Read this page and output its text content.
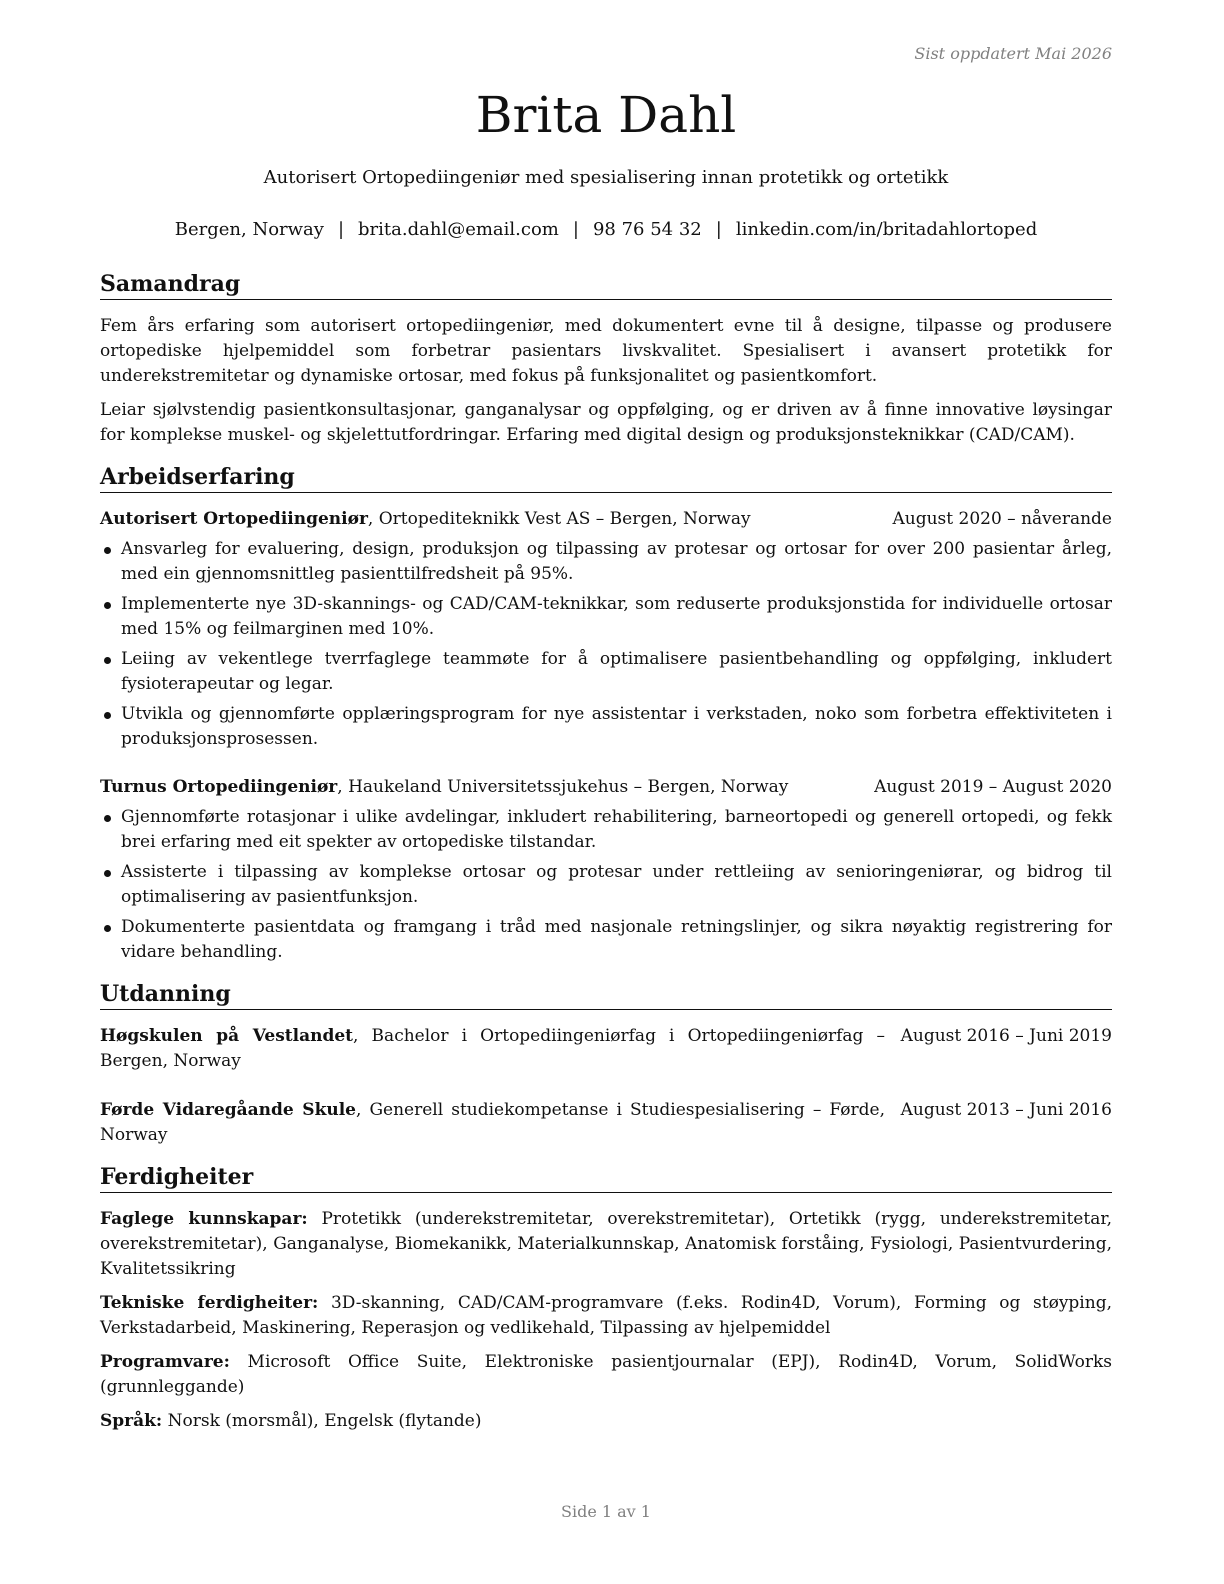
Sist oppdatert Mai 2026
Brita Dahl
Autorisert Ortopediingeniør med spesialisering innan protetikk og ortetikk
Bergen, Norway | brita.dahl@email.com | 98 76 54 32 | linkedin.com/in/britadahlortoped
Samandrag

Fem års erfaring som autorisert ortopediingeniør, med dokumentert evne til å designe, tilpasse og produsere ortopediske hjelpemiddel som forbetrar pasientars livskvalitet. Spesialisert i avansert protetikk for underekstremitetar og dynamiske ortosar, med fokus på funksjonalitet og pasientkomfort.

Leiar sjølvstendig pasientkonsultasjonar, ganganalysar og oppfølging, og er driven av å finne innovative løysingar for komplekse muskel- og skjelettutfordringar. Erfaring med digital design og produksjonsteknikkar (CAD/CAM).

Arbeidserfaring
Autorisert Ortopediingeniør, Ortopediteknikk Vest AS – Bergen, Norway	August 2020 – nåverande
Ansvarleg for evaluering, design, produksjon og tilpassing av protesar og ortosar for over 200 pasientar årleg, med ein gjennomsnittleg pasienttilfredsheit på 95%.
Implementerte nye 3D-skannings- og CAD/CAM-teknikkar, som reduserte produksjonstida for individuelle ortosar med 15% og feilmarginen med 10%.
Leiing av vekentlege tverrfaglege teammøte for å optimalisere pasientbehandling og oppfølging, inkludert fysioterapeutar og legar.
Utvikla og gjennomførte opplæringsprogram for nye assistentar i verkstaden, noko som forbetra effektiviteten i produksjonsprosessen.
Turnus Ortopediingeniør, Haukeland Universitetssjukehus – Bergen, Norway	August 2019 – August 2020
Gjennomførte rotasjonar i ulike avdelingar, inkludert rehabilitering, barneortopedi og generell ortopedi, og fekk brei erfaring med eit spekter av ortopediske tilstandar.
Assisterte i tilpassing av komplekse ortosar og protesar under rettleiing av senioringeniørar, og bidrog til optimalisering av pasientfunksjon.
Dokumenterte pasientdata og framgang i tråd med nasjonale retningslinjer, og sikra nøyaktig registrering for vidare behandling.
Utdanning
Høgskulen på Vestlandet, Bachelor i Ortopediingeniørfag i Ortopediingeniørfag – Bergen, Norway
August 2016 – Juni 2019
Førde Vidaregåande Skule, Generell studiekompetanse i Studiespesialisering – Førde, Norway
August 2013 – Juni 2016
Ferdigheiter

Faglege kunnskapar: Protetikk (underekstremitetar, overekstremitetar), Ortetikk (rygg, underekstremitetar, overekstremitetar), Ganganalyse, Biomekanikk, Materialkunnskap, Anatomisk forståing, Fysiologi, Pasientvurdering, Kvalitetssikring

Tekniske ferdigheiter: 3D-skanning, CAD/CAM-programvare (f.eks. Rodin4D, Vorum), Forming og støyping, Verkstadarbeid, Maskinering, Reperasjon og vedlikehald, Tilpassing av hjelpemiddel

Programvare: Microsoft Office Suite, Elektroniske pasientjournalar (EPJ), Rodin4D, Vorum, SolidWorks (grunnleggande)

Språk: Norsk (morsmål), Engelsk (flytande)

Side 1 av 1
